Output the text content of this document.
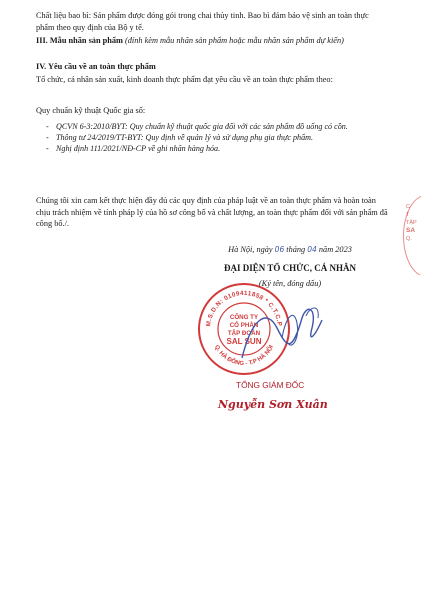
Chất liệu bao bì: Sản phẩm được đóng gói trong chai thủy tinh. Bao bì đảm bảo vệ sinh an toàn thực phẩm theo quy định của Bộ y tế.
III. Mẫu nhãn sản phẩm (đính kèm mẫu nhãn sản phẩm hoặc mẫu nhãn sản phẩm dự kiến)
IV. Yêu cầu về an toàn thực phẩm
Tổ chức, cá nhân sản xuất, kinh doanh thực phẩm đạt yêu cầu về an toàn thực phẩm theo:
Quy chuẩn kỹ thuật Quốc gia số:
- QCVN 6-3:2010/BYT: Quy chuẩn kỹ thuật quốc gia đối với các sản phẩm đồ uống có cồn.
- Thông tư 24/2019/TT-BYT: Quy định về quản lý và sử dụng phụ gia thực phẩm.
- Nghị định 111/2021/NĐ-CP về ghi nhãn hàng hóa.
Chúng tôi xin cam kết thực hiện đầy đủ các quy định của pháp luật về an toàn thực phẩm và hoàn toàn chịu trách nhiệm về tính pháp lý của hồ sơ công bố và chất lượng, an toàn thực phẩm đối với sản phẩm đã công bố./.
Hà Nội, ngày 06 tháng 04 năm 2023
ĐẠI DIỆN TỔ CHỨC, CÁ NHÂN
(Ký tên, đóng dấu)
M.S.D.N: 0109411858 * C.T.C.P
Q. HÀ ĐÔNG - T.P HÀ NỘI
CÔNG TY
CỔ PHẦN
TẬP ĐOÀN
SAL SUN
TỔNG GIÁM ĐỐC
Nguyễn Sơn Xuân
C
T
TẬP
SA
Q.
